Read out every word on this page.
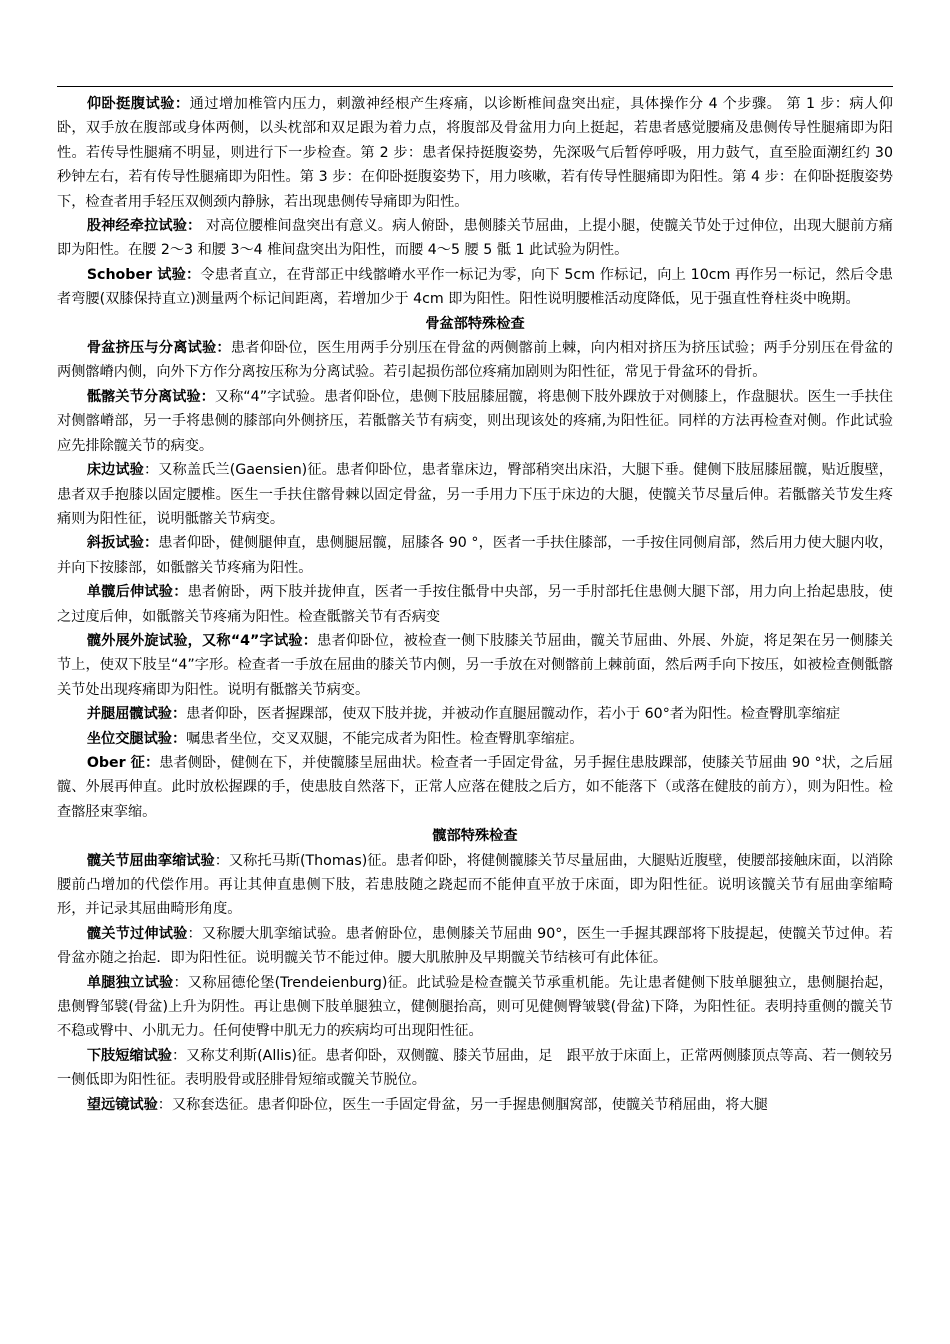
仰卧挺腹试验：通过增加椎管内压力，刺激神经根产生疼痛，以诊断椎间盘突出症，具体操作分 4 个步骤。 第 1 步：病人仰卧，双手放在腹部或身体两侧，以头枕部和双足跟为着力点，将腹部及骨盆用力向上挺起，若患者感觉腰痛及患侧传导性腿痛即为阳性。若传导性腿痛不明显，则进行下一步检查。第 2 步：患者保持挺腹姿势，先深吸气后暂停呼吸，用力鼓气，直至脸面潮红约 30 秒钟左右，若有传导性腿痛即为阳性。第 3 步：在仰卧挺腹姿势下，用力咳嗽，若有传导性腿痛即为阳性。第 4 步：在仰卧挺腹姿势下，检查者用手轻压双侧颈内静脉，若出现患侧传导痛即为阳性。

股神经牵拉试验： 对高位腰椎间盘突出有意义。病人俯卧，患侧膝关节屈曲，上提小腿，使髋关节处于过伸位，出现大腿前方痛即为阳性。在腰 2～3 和腰 3～4 椎间盘突出为阳性，而腰 4～5 腰 5 骶 1 此试验为阴性。

Schober 试验：令患者直立，在背部正中线髂嵴水平作一标记为零，向下 5cm 作标记，向上 10cm 再作另一标记，然后令患者弯腰(双膝保持直立)测量两个标记间距离，若增加少于 4cm 即为阳性。阳性说明腰椎活动度降低，见于强直性脊柱炎中晚期。

骨盆部特殊检查

骨盆挤压与分离试验：患者仰卧位，医生用两手分别压在骨盆的两侧髂前上棘，向内相对挤压为挤压试验；两手分别压在骨盆的两侧髂嵴内侧，向外下方作分离按压称为分离试验。若引起损伤部位疼痛加剧则为阳性征，常见于骨盆环的骨折。

骶髂关节分离试验：又称“4”字试验。患者仰卧位，患侧下肢屈膝屈髋，将患侧下肢外踝放于对侧膝上，作盘腿状。医生一手扶住对侧髂嵴部，另一手将患侧的膝部向外侧挤压，若骶髂关节有病变，则出现该处的疼痛,为阳性征。同样的方法再检查对侧。作此试验应先排除髋关节的病变。

床边试验：又称盖氏兰(Gaensien)征。患者仰卧位，患者靠床边，臀部稍突出床沿，大腿下垂。健侧下肢屈膝屈髋，贴近腹壁，患者双手抱膝以固定腰椎。医生一手扶住髂骨棘以固定骨盆，另一手用力下压于床边的大腿，使髋关节尽量后伸。若骶髂关节发生疼痛则为阳性征，说明骶髂关节病变。

斜扳试验：患者仰卧，健侧腿伸直，患侧腿屈髋，屈膝各 90 °，医者一手扶住膝部，一手按住同侧肩部，然后用力使大腿内收，并向下按膝部，如骶髂关节疼痛为阳性。

单髋后伸试验：患者俯卧，两下肢并拢伸直，医者一手按住骶骨中央部，另一手肘部托住患侧大腿下部，用力向上抬起患肢，使之过度后伸，如骶髂关节疼痛为阳性。检查骶髂关节有否病变

髋外展外旋试验，又称“4”字试验：患者仰卧位，被检查一侧下肢膝关节屈曲，髋关节屈曲、外展、外旋，将足架在另一侧膝关节上，使双下肢呈“4”字形。检查者一手放在屈曲的膝关节内侧，另一手放在对侧髂前上棘前面，然后两手向下按压，如被检查侧骶髂关节处出现疼痛即为阳性。说明有骶髂关节病变。

并腿屈髋试验：患者仰卧，医者握踝部，使双下肢并拢，并被动作直腿屈髋动作，若小于 60°者为阳性。检查臀肌挛缩症

坐位交腿试验：嘱患者坐位，交叉双腿，不能完成者为阳性。检查臀肌挛缩症。

Ober 征：患者侧卧，健侧在下，并使髋膝呈屈曲状。检查者一手固定骨盆，另手握住患肢踝部，使膝关节屈曲 90 °状，之后屈髋、外展再伸直。此时放松握踝的手，使患肢自然落下，正常人应落在健肢之后方，如不能落下（或落在健肢的前方），则为阳性。检查髂胫束挛缩。

髋部特殊检查

髋关节屈曲挛缩试验：又称托马斯(Thomas)征。患者仰卧，将健侧髋膝关节尽量屈曲，大腿贴近腹壁，使腰部接触床面，以消除腰前凸增加的代偿作用。再让其伸直患侧下肢，若患肢随之跷起而不能伸直平放于床面，即为阳性征。说明该髋关节有屈曲挛缩畸形，并记录其屈曲畸形角度。

髋关节过伸试验：又称腰大肌挛缩试验。患者俯卧位，患侧膝关节屈曲 90°，医生一手握其踝部将下肢提起，使髋关节过伸。若骨盆亦随之抬起．即为阳性征。说明髋关节不能过伸。腰大肌脓肿及早期髋关节结核可有此体征。

单腿独立试验：又称屈德伦堡(Trendeienburg)征。此试验是检查髋关节承重机能。先让患者健侧下肢单腿独立，患侧腿抬起，患侧臀邹襞(骨盆)上升为阴性。再让患侧下肢单腿独立，健侧腿抬高，则可见健侧臀皱襞(骨盆)下降，为阳性征。表明持重侧的髋关节不稳或臀中、小肌无力。任何使臀中肌无力的疾病均可出现阳性征。

下肢短缩试验：又称艾利斯(Allis)征。患者仰卧，双侧髋、膝关节屈曲，足　跟平放于床面上，正常两侧膝顶点等高、若一侧较另一侧低即为阳性征。表明股骨或胫腓骨短缩或髋关节脱位。

望远镜试验：又称套迭征。患者仰卧位，医生一手固定骨盆，另一手握患侧腘窝部，使髋关节稍屈曲，将大腿
